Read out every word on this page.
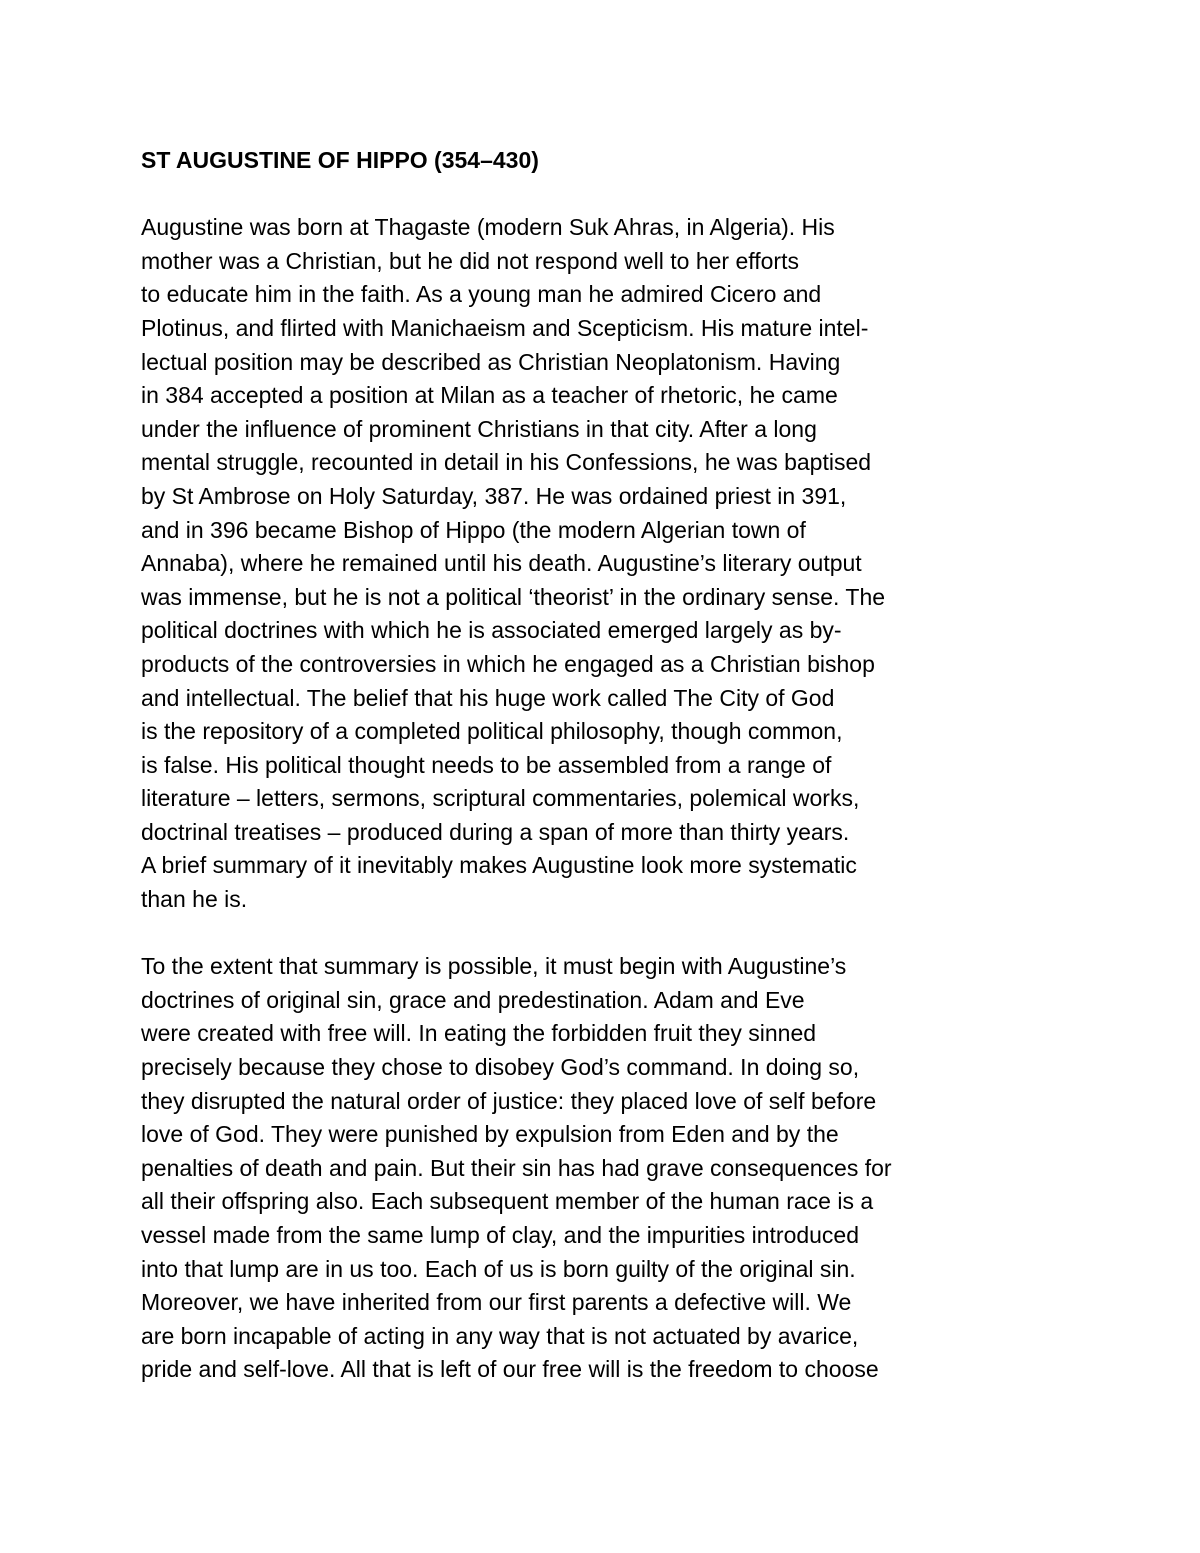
ST AUGUSTINE OF HIPPO (354–430)
Augustine was born at Thagaste (modern Suk Ahras, in Algeria). His
mother was a Christian, but he did not respond well to her efforts
to educate him in the faith. As a young man he admired Cicero and
Plotinus, and flirted with Manichaeism and Scepticism. His mature intel-
lectual position may be described as Christian Neoplatonism. Having
in 384 accepted a position at Milan as a teacher of rhetoric, he came
under the influence of prominent Christians in that city. After a long
mental struggle, recounted in detail in his Confessions, he was baptised
by St Ambrose on Holy Saturday, 387. He was ordained priest in 391,
and in 396 became Bishop of Hippo (the modern Algerian town of
Annaba), where he remained until his death. Augustine’s literary output
was immense, but he is not a political ‘theorist’ in the ordinary sense. The
political doctrines with which he is associated emerged largely as by-
products of the controversies in which he engaged as a Christian bishop
and intellectual. The belief that his huge work called The City of God
is the repository of a completed political philosophy, though common,
is false. His political thought needs to be assembled from a range of
literature – letters, sermons, scriptural commentaries, polemical works,
doctrinal treatises – produced during a span of more than thirty years.
A brief summary of it inevitably makes Augustine look more systematic
than he is.
To the extent that summary is possible, it must begin with Augustine’s
doctrines of original sin, grace and predestination. Adam and Eve
were created with free will. In eating the forbidden fruit they sinned
precisely because they chose to disobey God’s command. In doing so,
they disrupted the natural order of justice: they placed love of self before
love of God. They were punished by expulsion from Eden and by the
penalties of death and pain. But their sin has had grave consequences for
all their offspring also. Each subsequent member of the human race is a
vessel made from the same lump of clay, and the impurities introduced
into that lump are in us too. Each of us is born guilty of the original sin.
Moreover, we have inherited from our first parents a defective will. We
are born incapable of acting in any way that is not actuated by avarice,
pride and self-love. All that is left of our free will is the freedom to choose
